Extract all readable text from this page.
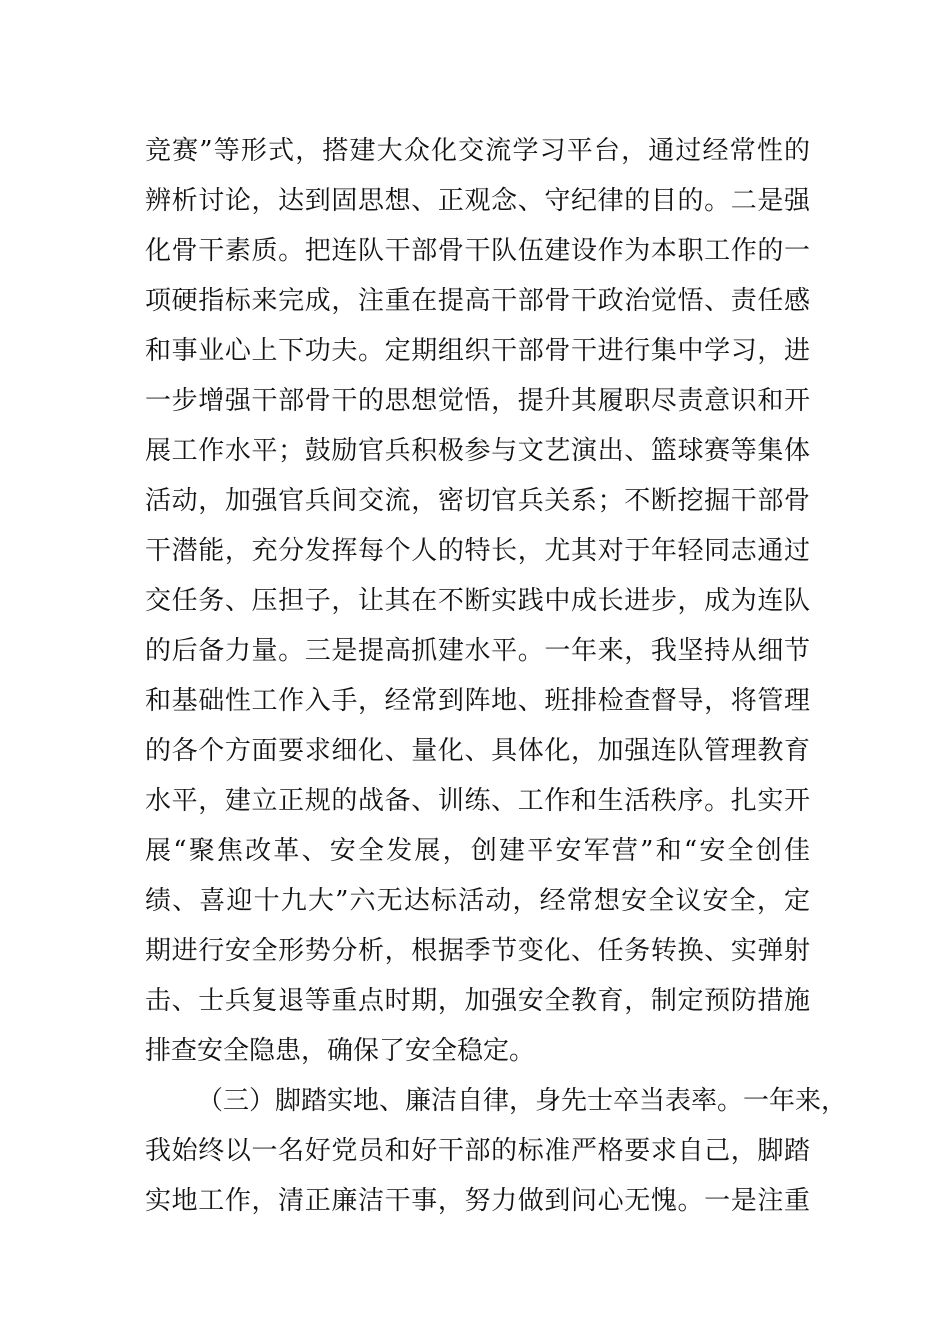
竞赛”等形式，搭建大众化交流学习平台，通过经常性的
辨析讨论，达到固思想、正观念、守纪律的目的。二是强
化骨干素质。把连队干部骨干队伍建设作为本职工作的一
项硬指标来完成，注重在提高干部骨干政治觉悟、责任感
和事业心上下功夫。定期组织干部骨干进行集中学习，进
一步增强干部骨干的思想觉悟，提升其履职尽责意识和开
展工作水平；鼓励官兵积极参与文艺演出、篮球赛等集体
活动，加强官兵间交流，密切官兵关系；不断挖掘干部骨
干潜能，充分发挥每个人的特长，尤其对于年轻同志通过
交任务、压担子，让其在不断实践中成长进步，成为连队
的后备力量。三是提高抓建水平。一年来，我坚持从细节
和基础性工作入手，经常到阵地、班排检查督导，将管理
的各个方面要求细化、量化、具体化，加强连队管理教育
水平，建立正规的战备、训练、工作和生活秩序。扎实开
展“聚焦改革、安全发展，创建平安军营”和“安全创佳
绩、喜迎十九大”六无达标活动，经常想安全议安全，定
期进行安全形势分析，根据季节变化、任务转换、实弹射
击、士兵复退等重点时期，加强安全教育，制定预防措施
排查安全隐患，确保了安全稳定。
（三）脚踏实地、廉洁自律，身先士卒当表率。一年来，
我始终以一名好党员和好干部的标准严格要求自己，脚踏
实地工作，清正廉洁干事，努力做到问心无愧。一是注重
